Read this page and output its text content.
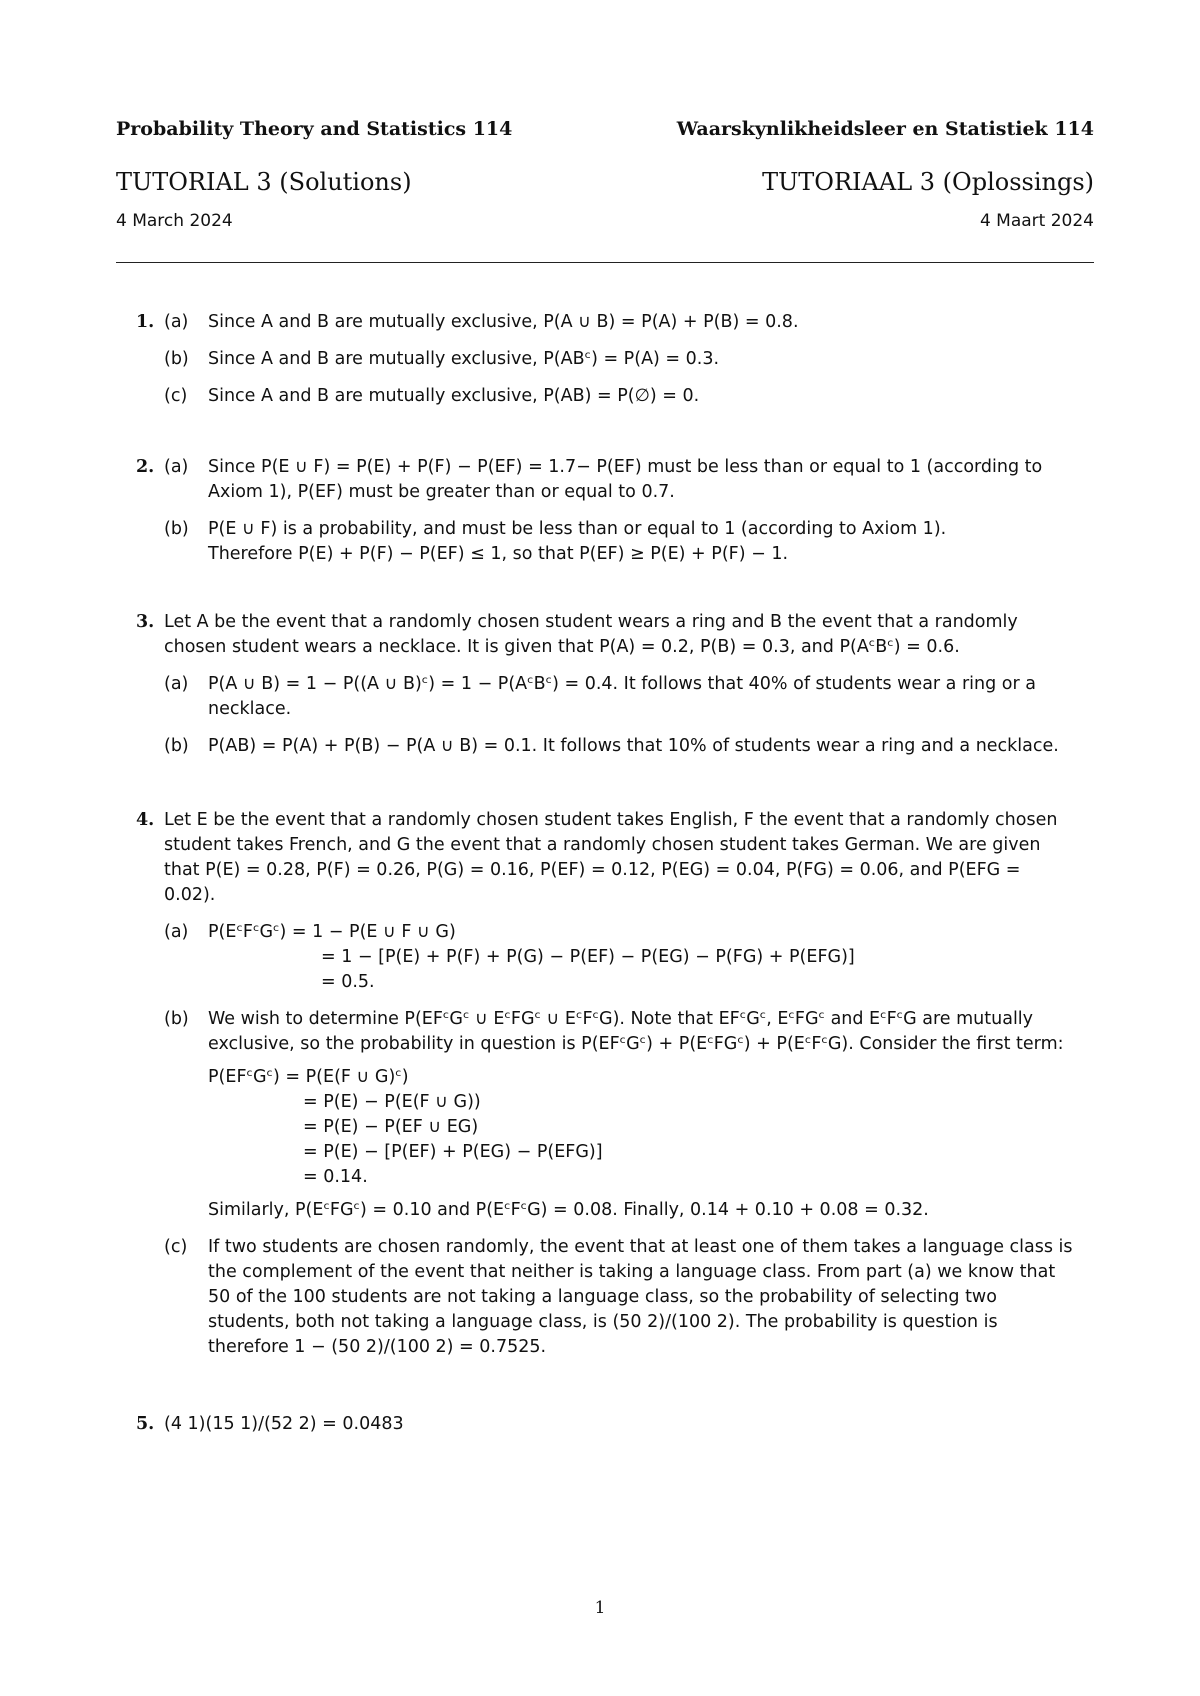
Probability Theory and Statistics 114	Waarskynlikheidsleer en Statistiek 114
TUTORIAL 3 (Solutions)	TUTORIAAL 3 (Oplossings)
4 March 2024	4 Maart 2024
1. (a) Since A and B are mutually exclusive, P(A ∪ B) = P(A) + P(B) = 0.8.

(b) Since A and B are mutually exclusive, P(ABᶜ) = P(A) = 0.3.

(c) Since A and B are mutually exclusive, P(AB) = P(∅) = 0.

2. (a) Since P(E ∪ F) = P(E) + P(F) − P(EF) = 1.7− P(EF) must be less than or equal to 1 (according to Axiom 1), P(EF) must be greater than or equal to 0.7.

(b) P(E ∪ F) is a probability, and must be less than or equal to 1 (according to Axiom 1).
Therefore P(E) + P(F) − P(EF) ≤ 1, so that P(EF) ≥ P(E) + P(F) − 1.

3. Let A be the event that a randomly chosen student wears a ring and B the event that a randomly chosen student wears a necklace. It is given that P(A) = 0.2, P(B) = 0.3, and P(AᶜBᶜ) = 0.6.

(a) P(A ∪ B) = 1 − P((A ∪ B)ᶜ) = 1 − P(AᶜBᶜ) = 0.4. It follows that 40% of students wear a ring or a necklace.

(b) P(AB) = P(A) + P(B) − P(A ∪ B) = 0.1. It follows that 10% of students wear a ring and a necklace.

4. Let E be the event that a randomly chosen student takes English, F the event that a randomly chosen student takes French, and G the event that a randomly chosen student takes German. We are given that P(E) = 0.28, P(F) = 0.26, P(G) = 0.16, P(EF) = 0.12, P(EG) = 0.04, P(FG) = 0.06, and P(EFG = 0.02).

(a) P(EᶜFᶜGᶜ) = 1 − P(E ∪ F ∪ G)
= 1 − [P(E) + P(F) + P(G) − P(EF) − P(EG) − P(FG) + P(EFG)]
= 0.5.

(b) We wish to determine P(EFᶜGᶜ ∪ EᶜFGᶜ ∪ EᶜFᶜG). Note that EFᶜGᶜ, EᶜFGᶜ and EᶜFᶜG are mutually exclusive, so the probability in question is P(EFᶜGᶜ) + P(EᶜFGᶜ) + P(EᶜFᶜG). Consider the first term:
P(EFᶜGᶜ) = P(E(F ∪ G)ᶜ)
= P(E) − P(E(F ∪ G))
= P(E) − P(EF ∪ EG)
= P(E) − [P(EF) + P(EG) − P(EFG)]
= 0.14.
Similarly, P(EᶜFGᶜ) = 0.10 and P(EᶜFᶜG) = 0.08. Finally, 0.14 + 0.10 + 0.08 = 0.32.

(c) If two students are chosen randomly, the event that at least one of them takes a language class is the complement of the event that neither is taking a language class. From part (a) we know that 50 of the 100 students are not taking a language class, so the probability of selecting two students, both not taking a language class, is (50 2)/(100 2). The probability is question is therefore 1 − (50 2)/(100 2) = 0.7525.

5. (4 1)(15 1)/(52 2) = 0.0483
1
